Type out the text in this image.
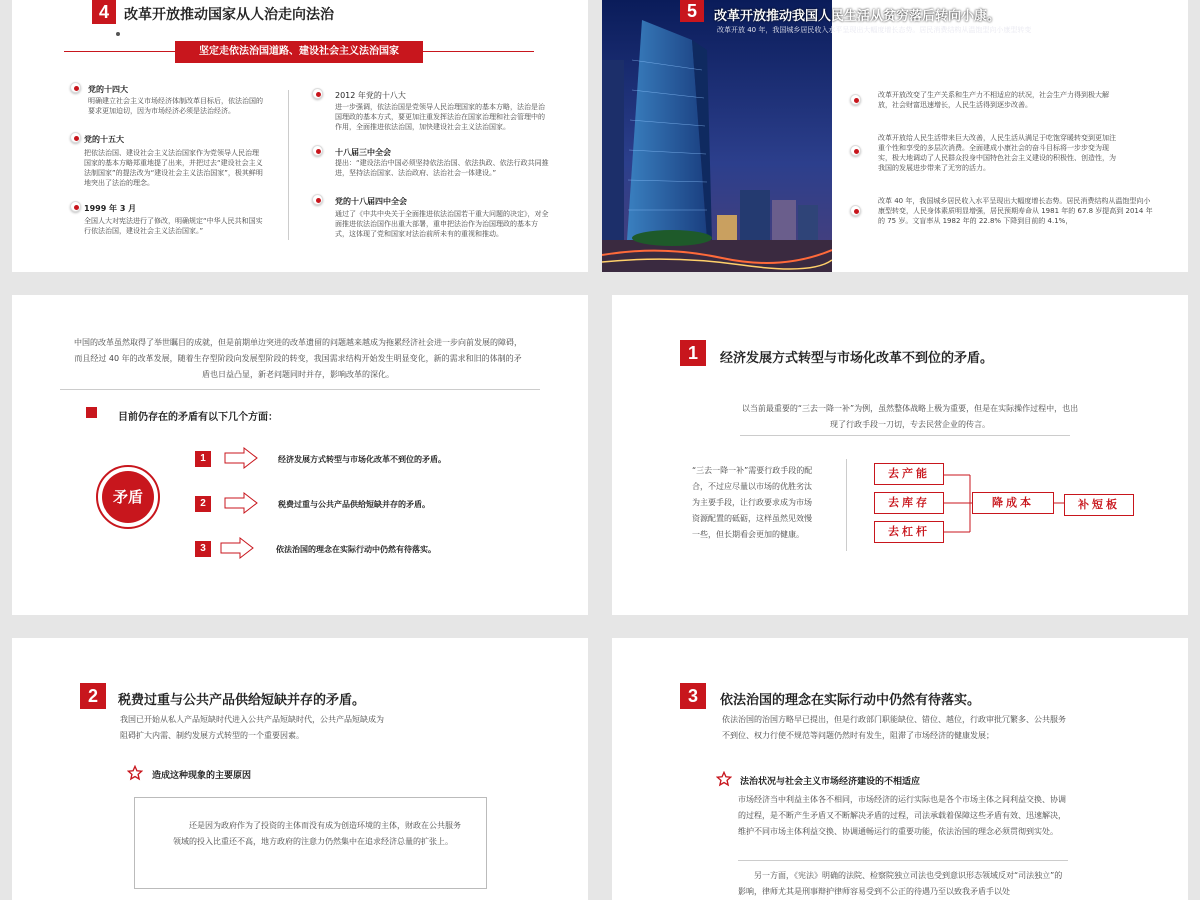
4	改革开放推动国家从人治走向法治
坚定走依法治国道路、建设社会主义法治国家
党的十四大
明确建立社会主义市场经济体制改革目标后，依法治国的要求更加迫切，因为市场经济必须是法治经济。
党的十五大
把依法治国、建设社会主义法治国家作为党领导人民治理国家的基本方略郑重地提了出来，并把过去“建设社会主义法制国家”的提法改为“建设社会主义法治国家”，极其鲜明地突出了法治的理念。
1999 年 3 月
全国人大对宪法进行了修改，明确规定“中华人民共和国实行依法治国，建设社会主义法治国家。”
2012 年党的十八大
进一步强调，依法治国是党领导人民治理国家的基本方略，法治是治国理政的基本方式，要更加注重发挥法治在国家治理和社会管理中的作用，全面推进依法治国，加快建设社会主义法治国家。
十八届三中全会
提出：“建设法治中国必须坚持依法治国、依法执政、依法行政共同推进，坚持法治国家、法治政府、法治社会一体建设。”
党的十八届四中全会
通过了《中共中央关于全面推进依法治国若干重大问题的决定》，对全面推进依法治国作出重大部署，重申把法治作为治国理政的基本方式，这体现了党和国家对法治前所未有的重视和推动。
5	改革开放推动我国人民生活从贫穷落后转向小康。
改革开放 40 年，我国城乡居民收入水平呈现出大幅度增长态势。居民消费结构从温饱型向小康型转变
改革开放改变了生产关系和生产力不相适应的状况，社会生产力得到极大解放，社会财富迅速增长，人民生活得到逐步改善。
改革开放给人民生活带来巨大改善，人民生活从满足于吃饱穿暖转变到更加注重个性和享受的多层次消费。全面建成小康社会的奋斗目标将一步步变为现实，极大地调动了人民群众投身中国特色社会主义建设的积极性、创造性，为我国的发展进步带来了无穷的活力。
改革 40 年，我国城乡居民收入水平呈现出大幅度增长态势。居民消费结构从温饱型向小康型转变，人民身体素质明显增强，居民预期寿命从 1981 年的 67.8 岁提高到 2014 年的 75 岁。文盲率从 1982 年的 22.8% 下降到目前的 4.1%，
中国的改革虽然取得了举世瞩目的成就，但是前期单边突进的改革遗留的问题越来越成为拖累经济社会进一步向前发展的障碍，而且经过 40 年的改革发展，随着生存型阶段向发展型阶段的转变，我国需求结构开始发生明显变化，新的需求和旧的体制的矛盾也日益凸显，新老问题同时并存，影响改革的深化。
目前仍存在的矛盾有以下几个方面：
矛盾
1	经济发展方式转型与市场化改革不到位的矛盾。
2	税费过重与公共产品供给短缺并存的矛盾。
3	依法治国的理念在实际行动中仍然有待落实。
1	经济发展方式转型与市场化改革不到位的矛盾。
以当前最重要的“三去一降一补”为例，虽然整体战略上极为重要，但是在实际操作过程中，也出现了行政手段一刀切，专去民营企业的传言。
“三去一降一补”需要行政手段的配合，不过应尽量以市场的优胜劣汰为主要手段，让行政要求成为市场资源配置的砥砺，这样虽然见效慢一些，但长期看会更加的健康。
去产能
去库存
去杠杆
降成本	补短板
2	税费过重与公共产品供给短缺并存的矛盾。
我国已开始从私人产品短缺时代进入公共产品短缺时代，公共产品短缺成为阻碍扩大内需、制约发展方式转型的一个重要因素。
造成这种现象的主要原因
还是因为政府作为了投资的主体而没有成为创造环境的主体，财政在公共服务领域的投入比重还不高，地方政府的注意力仍然集中在追求经济总量的扩张上。
3	依法治国的理念在实际行动中仍然有待落实。
依法治国的治国方略早已提出，但是行政部门职能缺位、错位、越位，行政审批冗繁多、公共服务不到位、权力行使不规范等问题仍然时有发生，阻滞了市场经济的健康发展；
法治状况与社会主义市场经济建设的不相适应
市场经济当中利益主体各不相同，市场经济的运行实际也是各个市场主体之间利益交换、协调的过程，是不断产生矛盾又不断解决矛盾的过程，司法承载着保障这些矛盾有效、迅速解决，维护不同市场主体利益交换、协调通畅运行的重要功能，依法治国的理念必须贯彻到实处。
另一方面，《宪法》明确的法院、检察院独立司法也受到意识形态领域反对“司法独立”的影响，律师尤其是刑事辩护律师容易受到不公正的待遇乃至以致我矛盾手以处
